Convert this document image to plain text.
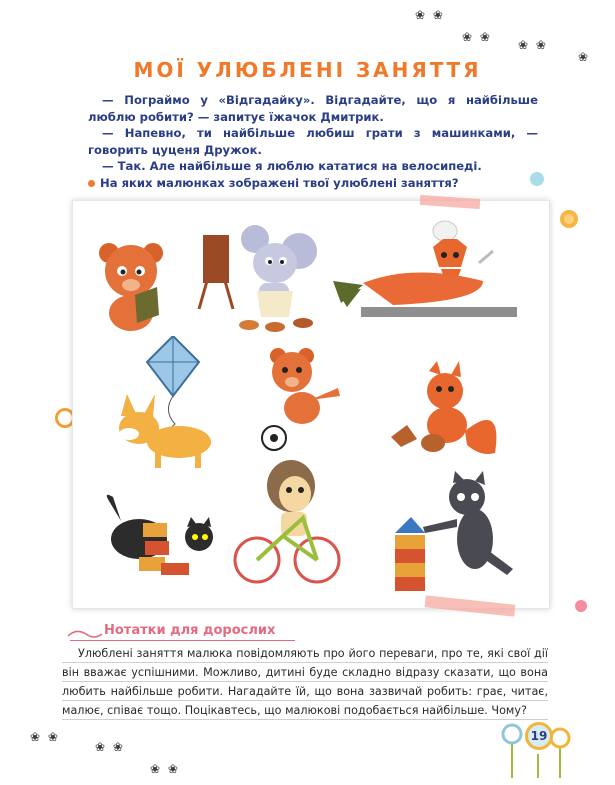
❀ ❀
❀ ❀
❀ ❀
❀
❀ ❀
❀ ❀
❀ ❀
МОЇ УЛЮБЛЕНІ ЗАНЯТТЯ

— Пограймо у «Відгадайку». Відгадайте, що я найбільше люблю робити? — запитує їжачок Дмитрик.

— Напевно, ти найбільше любиш грати з машинками, — говорить цуценя Дружок.

— Так. Але найбільше я люблю кататися на велосипеді.

На яких малюнках зображені твої улюблені заняття?

Нотатки для дорослих

Улюблені заняття малюка повідомляють про його переваги, про те, які свої дії він вважає успішними. Можливо, дитині буде складно відразу сказати, що вона любить найбільше робити. Нагадайте їй, що вона зазвичай робить: грає, читає, малює, співає тощо. Поцікавтесь, що малюкові подобається найбільше. Чому?

19
